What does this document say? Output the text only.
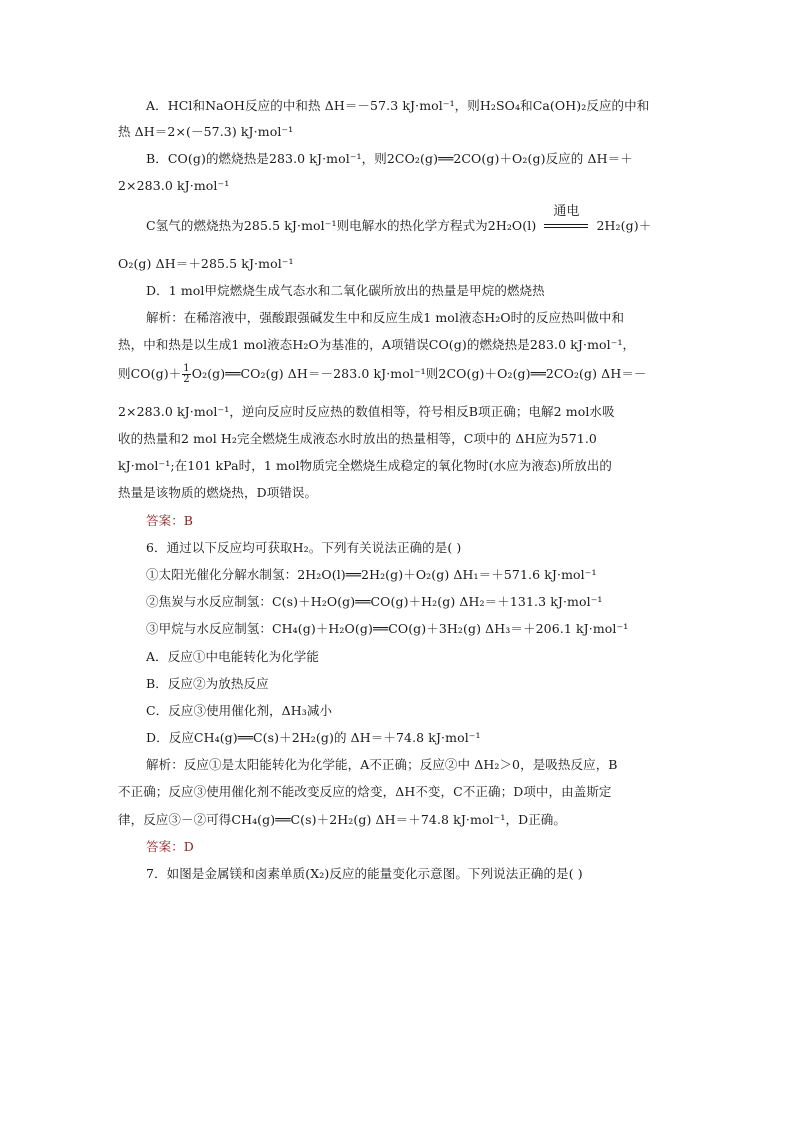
A．HCl和NaOH反应的中和热 ΔH＝－57.3 kJ·mol⁻¹，则H₂SO₄和Ca(OH)₂反应的中和
热 ΔH＝2×(－57.3) kJ·mol⁻¹
B．CO(g)的燃烧热是283.0 kJ·mol⁻¹，则2CO₂(g)══2CO(g)＋O₂(g)反应的 ΔH＝＋
2×283.0 kJ·mol⁻¹
C氢气的燃烧热为285.5 kJ·mol⁻¹则电解水的热化学方程式为2H₂O(l)
通电
2H₂(g)＋
O₂(g) ΔH＝＋285.5 kJ·mol⁻¹
D．1 mol甲烷燃烧生成气态水和二氧化碳所放出的热量是甲烷的燃烧热
解析：在稀溶液中，强酸跟强碱发生中和反应生成1 mol液态H₂O时的反应热叫做中和
热，中和热是以生成1 mol液态H₂O为基准的，A项错误CO(g)的燃烧热是283.0 kJ·mol⁻¹，
则$CO(g)+ \frac{1}{2}$ O₂(g)══CO₂(g) ΔH＝－283.0 kJ·mol⁻¹则2CO(g)＋O₂(g)══2CO₂(g) ΔH＝－
2×283.0 kJ·mol⁻¹，逆向反应时反应热的数值相等，符号相反B项正确；电解2 mol水吸
收的热量和2 mol H₂完全燃烧生成液态水时放出的热量相等，C项中的 ΔH应为571.0
kJ·mol⁻¹;在101 kPa时，1 mol物质完全燃烧生成稳定的氧化物时(水应为液态)所放出的
热量是该物质的燃烧热，D项错误。
答案：B
6．通过以下反应均可获取H₂。下列有关说法正确的是( )
①太阳光催化分解水制氢：2H₂O(l)══2H₂(g)＋O₂(g) ΔH₁＝＋571.6 kJ·mol⁻¹
②焦炭与水反应制氢：C(s)＋H₂O(g)══CO(g)＋H₂(g) ΔH₂＝＋131.3 kJ·mol⁻¹
③甲烷与水反应制氢：CH₄(g)＋H₂O(g)══CO(g)＋3H₂(g) ΔH₃＝＋206.1 kJ·mol⁻¹
A．反应①中电能转化为化学能
B．反应②为放热反应
C．反应③使用催化剂，ΔH₃减小
D．反应CH₄(g)══C(s)＋2H₂(g)的 ΔH＝＋74.8 kJ·mol⁻¹
解析：反应①是太阳能转化为化学能，A不正确；反应②中 ΔH₂＞0，是吸热反应，B
不正确；反应③使用催化剂不能改变反应的焓变，ΔH不变，C不正确；D项中，由盖斯定
律，反应③－②可得CH₄(g)══C(s)＋2H₂(g) ΔH＝＋74.8 kJ·mol⁻¹，D正确。
答案：D
7．如图是金属镁和卤素单质(X₂)反应的能量变化示意图。下列说法正确的是( )
